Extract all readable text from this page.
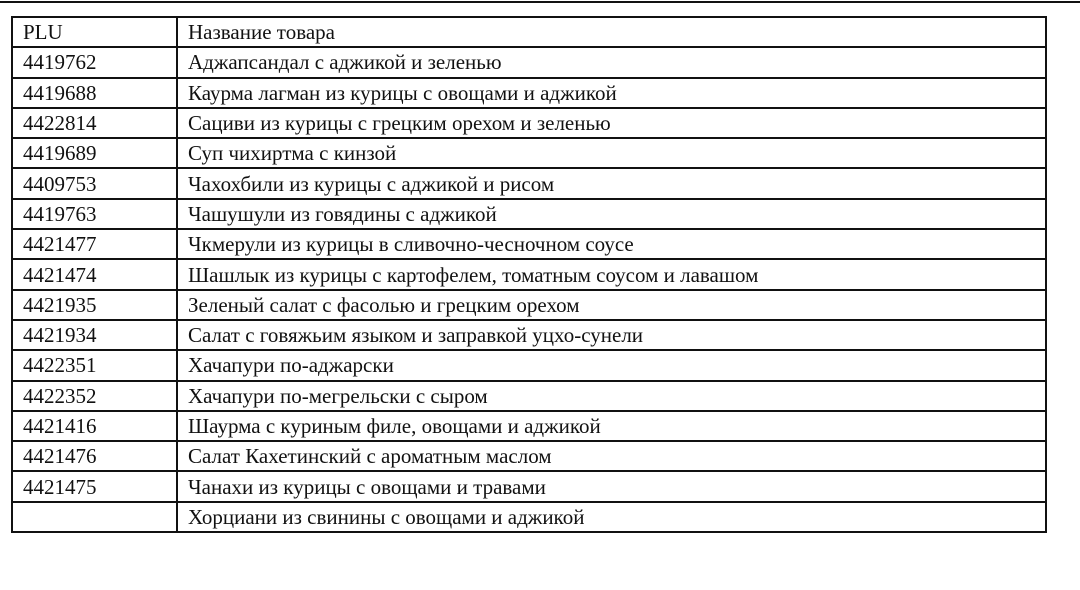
PLU	Название товара
4419762	Аджапсандал с аджикой и зеленью
4419688	Каурма лагман из курицы с овощами и аджикой
4422814	Сациви из курицы с грецким орехом и зеленью
4419689	Суп чихиртма с кинзой
4409753	Чахохбили из курицы с аджикой и рисом
4419763	Чашушули из говядины с аджикой
4421477	Чкмерули из курицы в сливочно-чесночном соусе
4421474	Шашлык из курицы с картофелем, томатным соусом и лавашом
4421935	Зеленый салат с фасолью и грецким орехом
4421934	Салат с говяжьим языком и заправкой уцхо-сунели
4422351	Хачапури по-аджарски
4422352	Хачапури по-мегрельски с сыром
4421416	Шаурма с куриным филе, овощами и аджикой
4421476	Салат Кахетинский с ароматным маслом
4421475	Чанахи из курицы с овощами и травами
	Хорциани из свинины с овощами и аджикой
